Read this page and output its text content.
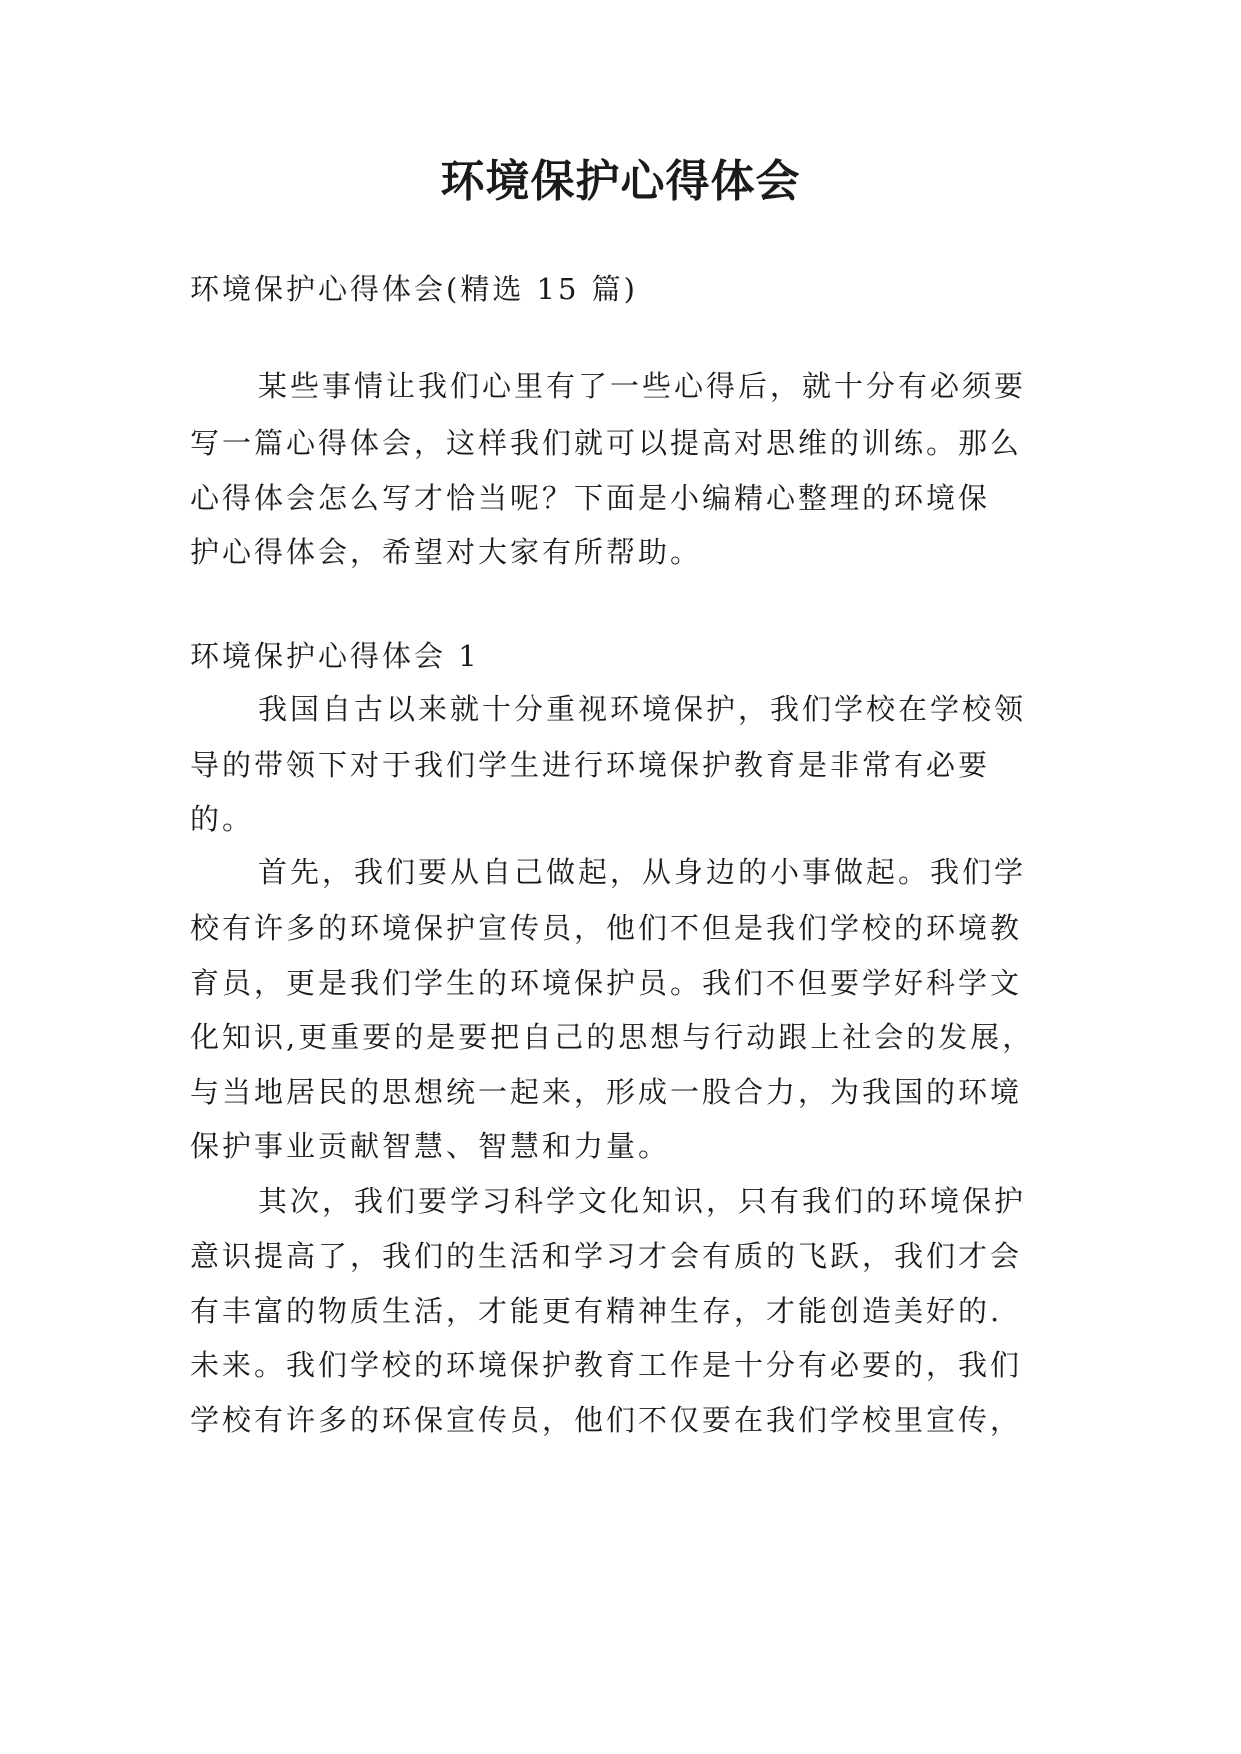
环境保护心得体会
环境保护心得体会(精选 15 篇)
某些事情让我们心里有了一些心得后，就十分有必须要
写一篇心得体会，这样我们就可以提高对思维的训练。那么
心得体会怎么写才恰当呢？下面是小编精心整理的环境保
护心得体会，希望对大家有所帮助。
环境保护心得体会 1
我国自古以来就十分重视环境保护，我们学校在学校领
导的带领下对于我们学生进行环境保护教育是非常有必要
的。
首先，我们要从自己做起，从身边的小事做起。我们学
校有许多的环境保护宣传员，他们不但是我们学校的环境教
育员，更是我们学生的环境保护员。我们不但要学好科学文
化知识,更重要的是要把自己的思想与行动跟上社会的发展，
与当地居民的思想统一起来，形成一股合力，为我国的环境
保护事业贡献智慧、智慧和力量。
其次，我们要学习科学文化知识，只有我们的环境保护
意识提高了，我们的生活和学习才会有质的飞跃，我们才会
有丰富的物质生活，才能更有精神生存，才能创造美好的.
未来。我们学校的环境保护教育工作是十分有必要的，我们
学校有许多的环保宣传员，他们不仅要在我们学校里宣传，
